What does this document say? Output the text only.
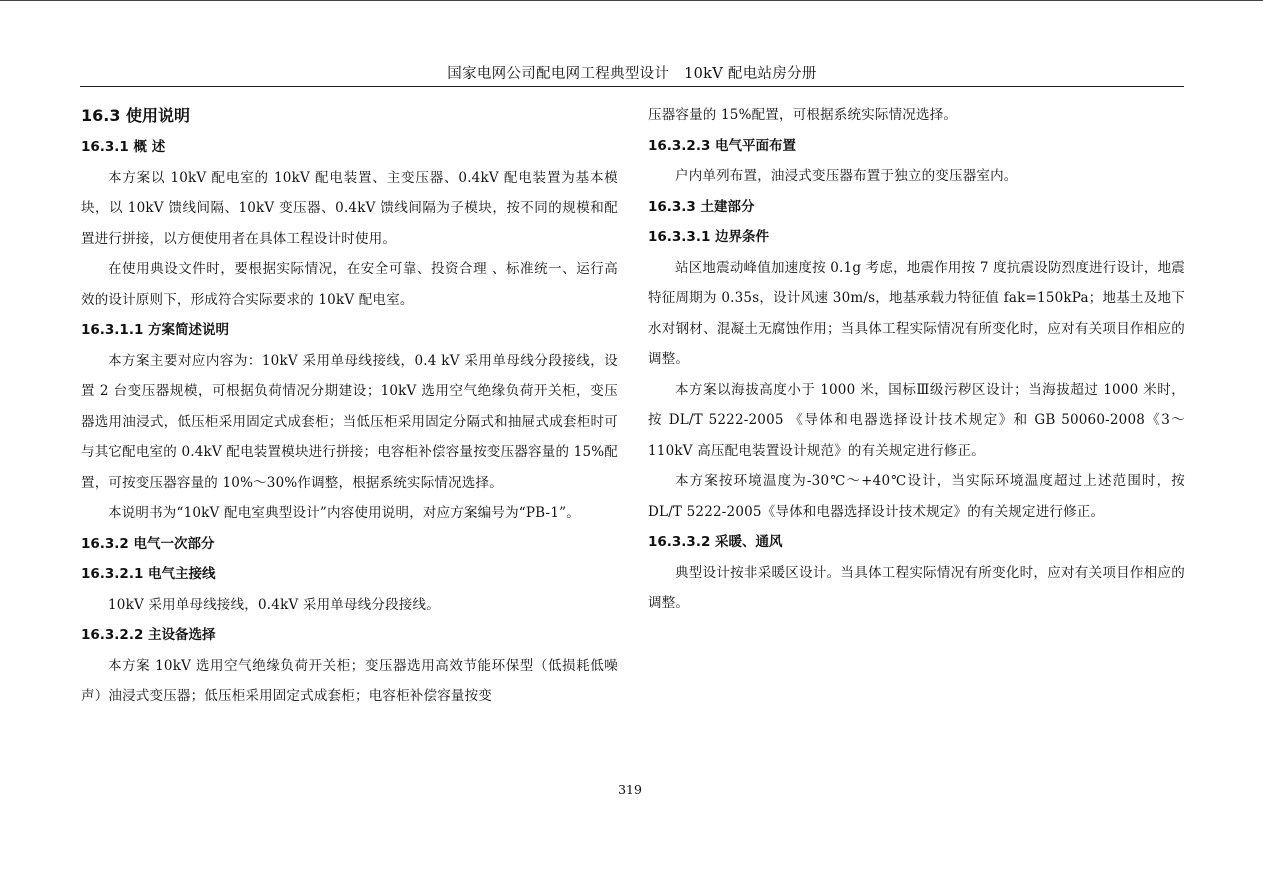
国家电网公司配电网工程典型设计　10kV 配电站房分册
16.3 使用说明
16.3.1 概 述

本方案以 10kV 配电室的 10kV 配电装置、主变压器、0.4kV 配电装置为基本模块，以 10kV 馈线间隔、10kV 变压器、0.4kV 馈线间隔为子模块，按不同的规模和配置进行拼接，以方便使用者在具体工程设计时使用。

在使用典设文件时，要根据实际情况，在安全可靠、投资合理 、标准统一、运行高效的设计原则下，形成符合实际要求的 10kV 配电室。

16.3.1.1 方案简述说明

本方案主要对应内容为：10kV 采用单母线接线，0.4 kV 采用单母线分段接线，设置 2 台变压器规模，可根据负荷情况分期建设；10kV 选用空气绝缘负荷开关柜，变压器选用油浸式，低压柜采用固定式成套柜；当低压柜采用固定分隔式和抽屉式成套柜时可与其它配电室的 0.4kV 配电装置模块进行拼接；电容柜补偿容量按变压器容量的 15%配置，可按变压器容量的 10%～30%作调整，根据系统实际情况选择。

本说明书为“10kV 配电室典型设计”内容使用说明，对应方案编号为“PB-1”。

16.3.2 电气一次部分
16.3.2.1 电气主接线

10kV 采用单母线接线，0.4kV 采用单母线分段接线。

16.3.2.2 主设备选择

本方案 10kV 选用空气绝缘负荷开关柜；变压器选用高效节能环保型（低损耗低噪声）油浸式变压器；低压柜采用固定式成套柜；电容柜补偿容量按变

压器容量的 15%配置，可根据系统实际情况选择。

16.3.2.3 电气平面布置

户内单列布置，油浸式变压器布置于独立的变压器室内。

16.3.3 土建部分
16.3.3.1 边界条件

站区地震动峰值加速度按 0.1g 考虑，地震作用按 7 度抗震设防烈度进行设计，地震特征周期为 0.35s，设计风速 30m/s，地基承载力特征值 fak=150kPa；地基土及地下水对钢材、混凝土无腐蚀作用；当具体工程实际情况有所变化时，应对有关项目作相应的调整。

本方案以海拔高度小于 1000 米，国标Ⅲ级污秽区设计；当海拔超过 1000 米时，按 DL/T 5222-2005 《导体和电器选择设计技术规定》和 GB 50060-2008《3～110kV 高压配电装置设计规范》的有关规定进行修正。

本方案按环境温度为-30℃～+40℃设计，当实际环境温度超过上述范围时，按 DL/T 5222-2005《导体和电器选择设计技术规定》的有关规定进行修正。

16.3.3.2 采暖、通风

典型设计按非采暖区设计。当具体工程实际情况有所变化时，应对有关项目作相应的调整。

319
